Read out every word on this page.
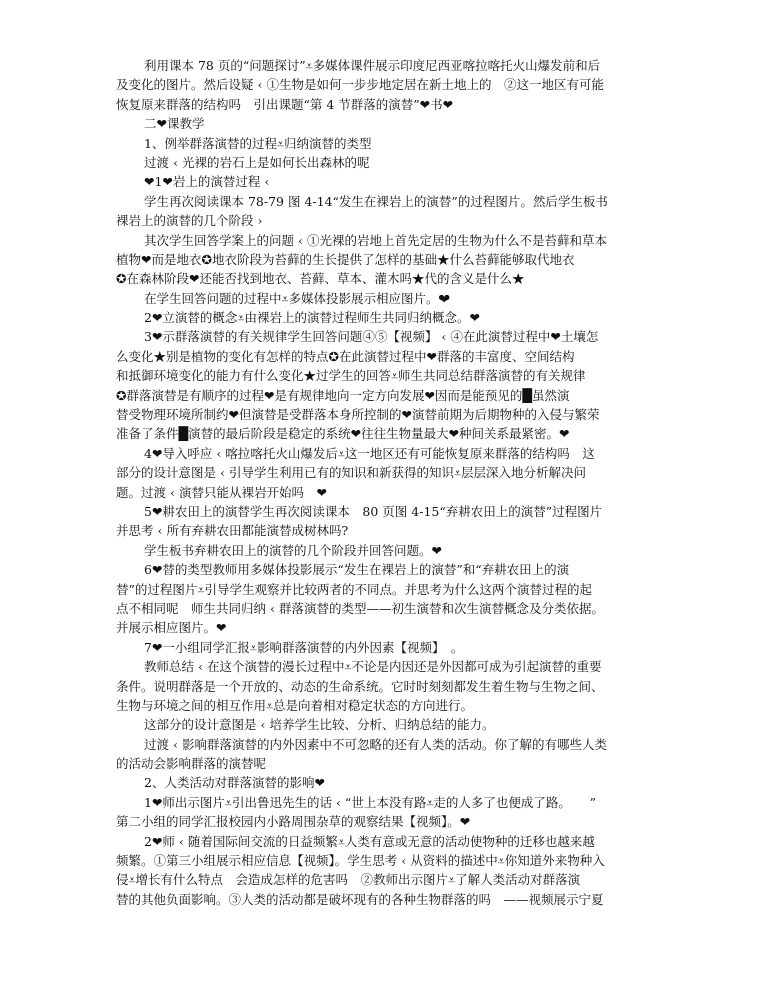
利用课本 78 页的“问题探讨”⩡多媒体课件展示印度尼西亚喀拉喀托火山爆发前和后
及变化的图片。然后设疑 ‹ ①生物是如何一步步地定居在新土地上的　②这一地区有可能
恢复原来群落的结构吗　引出课题“第 4 节群落的演替”❤书❤
二❤课教学
1、例举群落演替的过程⩡归纳演替的类型
过渡 ‹ 光裸的岩石上是如何长出森林的呢
❤1❤岩上的演替过程 ‹
学生再次阅读课本 78-79 图 4-14“发生在裸岩上的演替”的过程图片。然后学生板书
裸岩上的演替的几个阶段 ›
其次学生回答学案上的问题 ‹ ①光裸的岩地上首先定居的生物为什么不是苔藓和草本
植物❤而是地衣✪地衣阶段为苔藓的生长提供了怎样的基础★什么苔藓能够取代地衣
✪在森林阶段❤还能否找到地衣、苔藓、草本、灌木吗★代的含义是什么★
在学生回答问题的过程中⩡多媒体投影展示相应图片。❤
2❤立演替的概念⩡由裸岩上的演替过程师生共同归纳概念。❤
3❤示群落演替的有关规律学生回答问题④⑤【视频】 ‹ ④在此演替过程中❤土壤怎
么变化★别是植物的变化有怎样的特点✪在此演替过程中❤群落的丰富度、空间结构
和抵御环境变化的能力有什么变化★过学生的回答⩡师生共同总结群落演替的有关规律
✪群落演替是有顺序的过程❤是有规律地向一定方向发展❤因而是能预见的█虽然演
替受物理环境所制约❤但演替是受群落本身所控制的❤演替前期为后期物种的入侵与繁荣
准备了条件█演替的最后阶段是稳定的系统❤往往生物量最大❤种间关系最紧密。❤
4❤导入呼应 ‹ 喀拉喀托火山爆发后⩡这一地区还有可能恢复原来群落的结构吗　这
部分的设计意图是 ‹ 引导学生利用已有的知识和新获得的知识⩡层层深入地分析解决问
题。过渡 ‹ 演替只能从裸岩开始吗　❤
5❤耕农田上的演替学生再次阅读课本　80 页图 4-15“弃耕农田上的演替”过程图片
并思考 ‹ 所有弃耕农田都能演替成树林吗?
学生板书弃耕农田上的演替的几个阶段并回答问题。❤
6❤替的类型教师用多媒体投影展示“发生在裸岩上的演替”和“弃耕农田上的演
替”的过程图片⩡引导学生观察并比较两者的不同点。并思考为什么这两个演替过程的起
点不相同呢　师生共同归纳 ‹ 群落演替的类型——初生演替和次生演替概念及分类依据。
并展示相应图片。❤
7❤一小组同学汇报⩡影响群落演替的内外因素【视频】　。
教师总结 ‹ 在这个演替的漫长过程中⩡不论是内因还是外因都可成为引起演替的重要
条件。说明群落是一个开放的、动态的生命系统。它时时刻刻都发生着生物与生物之间、
生物与环境之间的相互作用⩡总是向着相对稳定状态的方向进行。
这部分的设计意图是 ‹ 培养学生比较、分析、归纳总结的能力。
过渡 ‹ 影响群落演替的内外因素中不可忽略的还有人类的活动。你了解的有哪些人类
的活动会影响群落的演替呢
2、人类活动对群落演替的影响❤
1❤师出示图片⩡引出鲁迅先生的话 ‹ “世上本没有路⩡走的人多了也便成了路。　　”
第二小组的同学汇报校园内小路周围杂草的观察结果【视频】。❤
2❤师 ‹ 随着国际间交流的日益频繁⩡人类有意或无意的活动使物种的迁移也越来越
频繁。①第三小组展示相应信息【视频】。学生思考 ‹ 从资料的描述中⩡你知道外来物种入
侵⩡增长有什么特点　会造成怎样的危害吗　②教师出示图片⩡了解人类活动对群落演
替的其他负面影响。③人类的活动都是破坏现有的各种生物群落的吗　——视频展示宁夏
